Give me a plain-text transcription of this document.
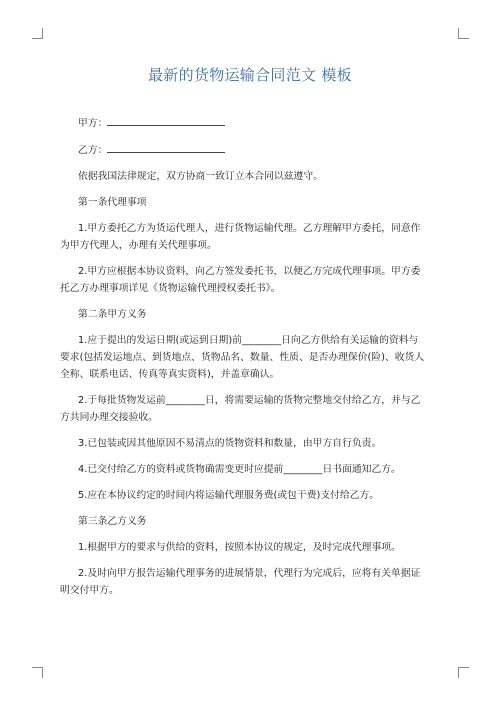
最新的货物运输合同范文 模板

甲方：

乙方：

依据我国法律规定，双方协商一致订立本合同以兹遵守。

第一条代理事项

1.甲方委托乙方为货运代理人，进行货物运输代理。乙方理解甲方委托，同意作
为甲方代理人，办理有关代理事项。

2.甲方应根据本协议资料，向乙方签发委托书，以便乙方完成代理事项。甲方委
托乙方办理事项详见《货物运输代理授权委托书》。

第二条甲方义务

1.应于提出的发运日期(或运到日期)前________日向乙方供给有关运输的资料与
要求(包括发运地点、到货地点、货物品名、数量、性质、是否办理保价(险)、收货人
全称、联系电话、传真等真实资料)，并盖章确认。

2.于每批货物发运前________日，将需要运输的货物完整地交付给乙方，并与乙
方共同办理交接验收。

3.已包装或因其他原因不易清点的货物资料和数量，由甲方自行负责。

4.已交付给乙方的资料或货物确需变更时应提前________日书面通知乙方。

5.应在本协议约定的时间内将运输代理服务费(或包干费)支付给乙方。

第三条乙方义务

1.根据甲方的要求与供给的资料，按照本协议的规定，及时完成代理事项。

2.及时向甲方报告运输代理事务的进展情景，代理行为完成后，应将有关单据证
明交付甲方。
